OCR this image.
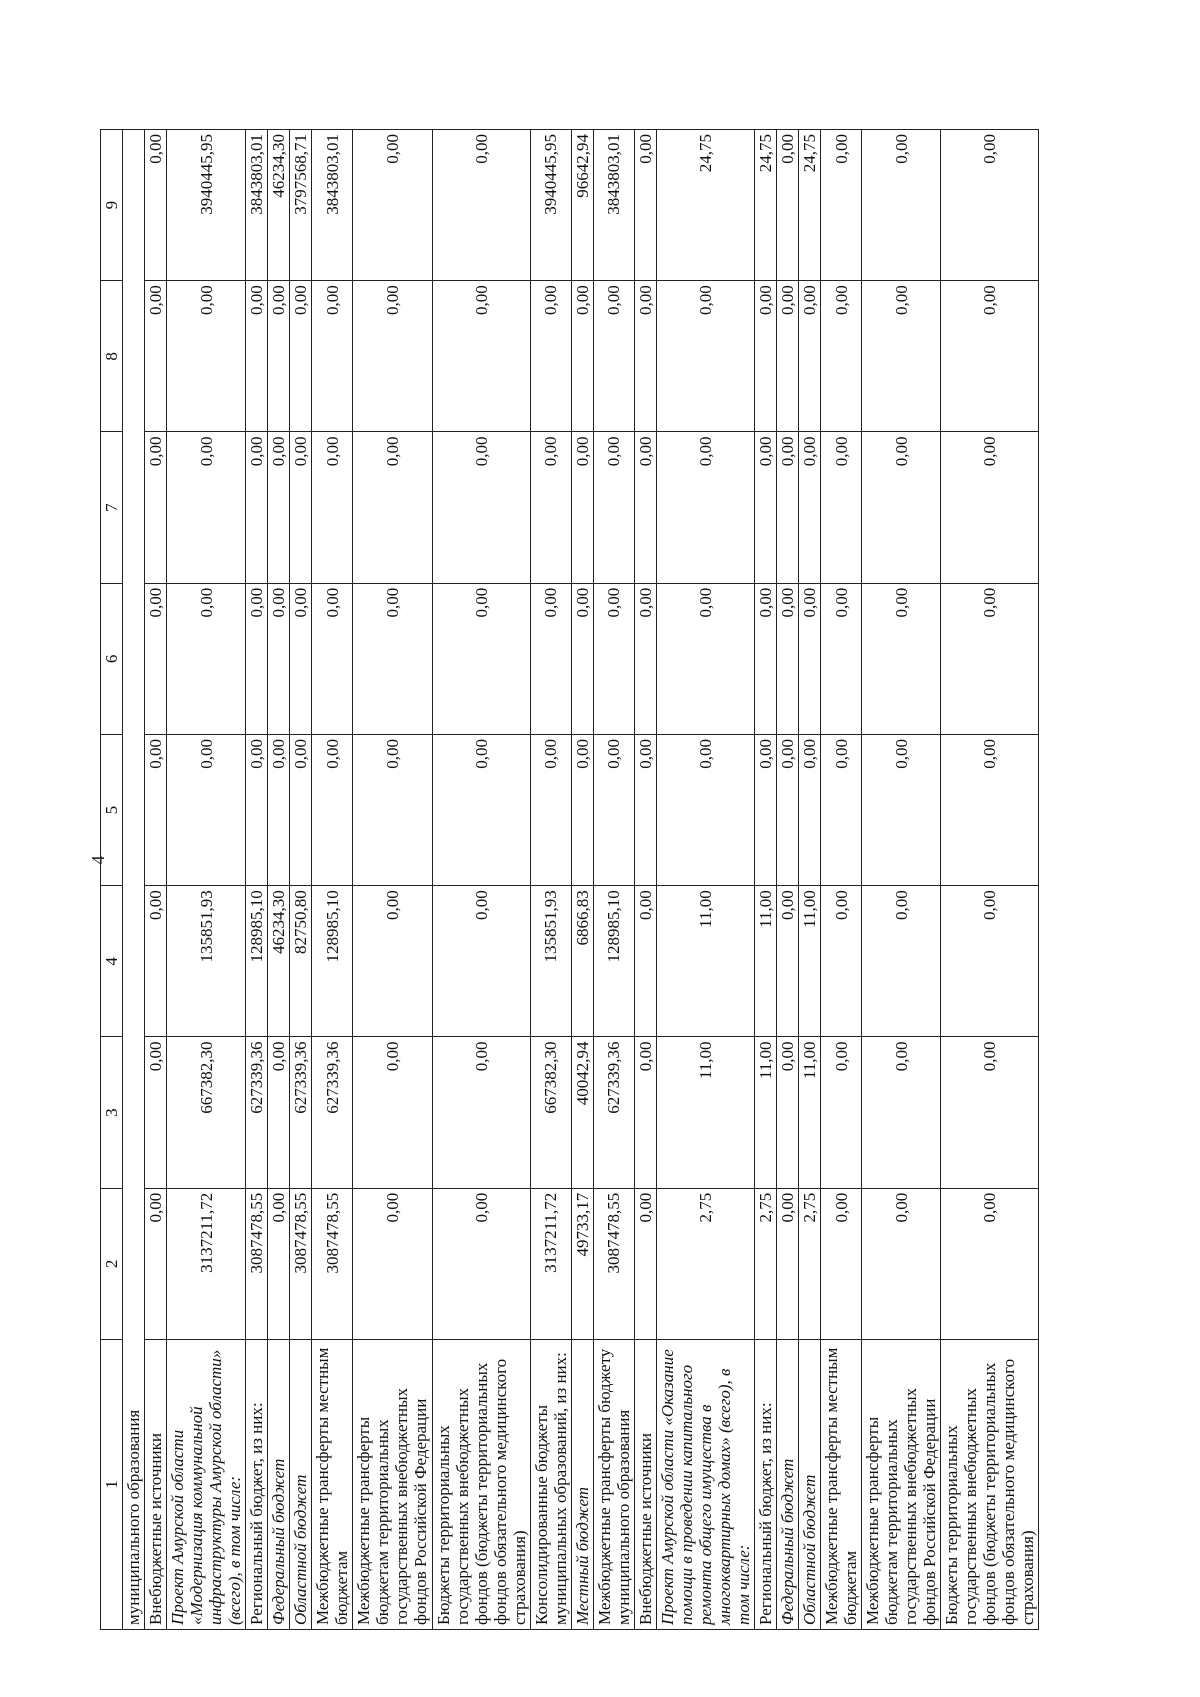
4
1	2	3	4	5	6	7	8	9
муниципального образования								
Внебюджетные источники	0,00	0,00	0,00	0,00	0,00	0,00	0,00	0,00
Проект Амурской области «Модернизация коммунальной инфраструктуры Амурской области» (всего), в том числе:	3137211,72	667382,30	135851,93	0,00	0,00	0,00	0,00	3940445,95
Региональный бюджет, из них:	3087478,55	627339,36	128985,10	0,00	0,00	0,00	0,00	3843803,01
Федеральный бюджет	0,00	0,00	46234,30	0,00	0,00	0,00	0,00	46234,30
Областной бюджет	3087478,55	627339,36	82750,80	0,00	0,00	0,00	0,00	3797568,71
Межбюджетные трансферты местным бюджетам	3087478,55	627339,36	128985,10	0,00	0,00	0,00	0,00	3843803,01
Межбюджетные трансферты бюджетам территориальных государственных внебюджетных фондов Российской Федерации	0,00	0,00	0,00	0,00	0,00	0,00	0,00	0,00
Бюджеты территориальных государственных внебюджетных фондов (бюджеты территориальных фондов обязательного медицинского страхования)	0,00	0,00	0,00	0,00	0,00	0,00	0,00	0,00
Консолидированные бюджеты муниципальных образований, из них:	3137211,72	667382,30	135851,93	0,00	0,00	0,00	0,00	3940445,95
Местный бюджет	49733,17	40042,94	6866,83	0,00	0,00	0,00	0,00	96642,94
Межбюджетные трансферты бюджету муниципального образования	3087478,55	627339,36	128985,10	0,00	0,00	0,00	0,00	3843803,01
Внебюджетные источники	0,00	0,00	0,00	0,00	0,00	0,00	0,00	0,00
Проект Амурской области «Оказание помощи в проведении капитального ремонта общего имущества в многоквартирных домах» (всего), в том числе:	2,75	11,00	11,00	0,00	0,00	0,00	0,00	24,75
Региональный бюджет, из них:	2,75	11,00	11,00	0,00	0,00	0,00	0,00	24,75
Федеральный бюджет	0,00	0,00	0,00	0,00	0,00	0,00	0,00	0,00
Областной бюджет	2,75	11,00	11,00	0,00	0,00	0,00	0,00	24,75
Межбюджетные трансферты местным бюджетам	0,00	0,00	0,00	0,00	0,00	0,00	0,00	0,00
Межбюджетные трансферты бюджетам территориальных государственных внебюджетных фондов Российской Федерации	0,00	0,00	0,00	0,00	0,00	0,00	0,00	0,00
Бюджеты территориальных государственных внебюджетных фондов (бюджеты территориальных фондов обязательного медицинского страхования)	0,00	0,00	0,00	0,00	0,00	0,00	0,00	0,00
